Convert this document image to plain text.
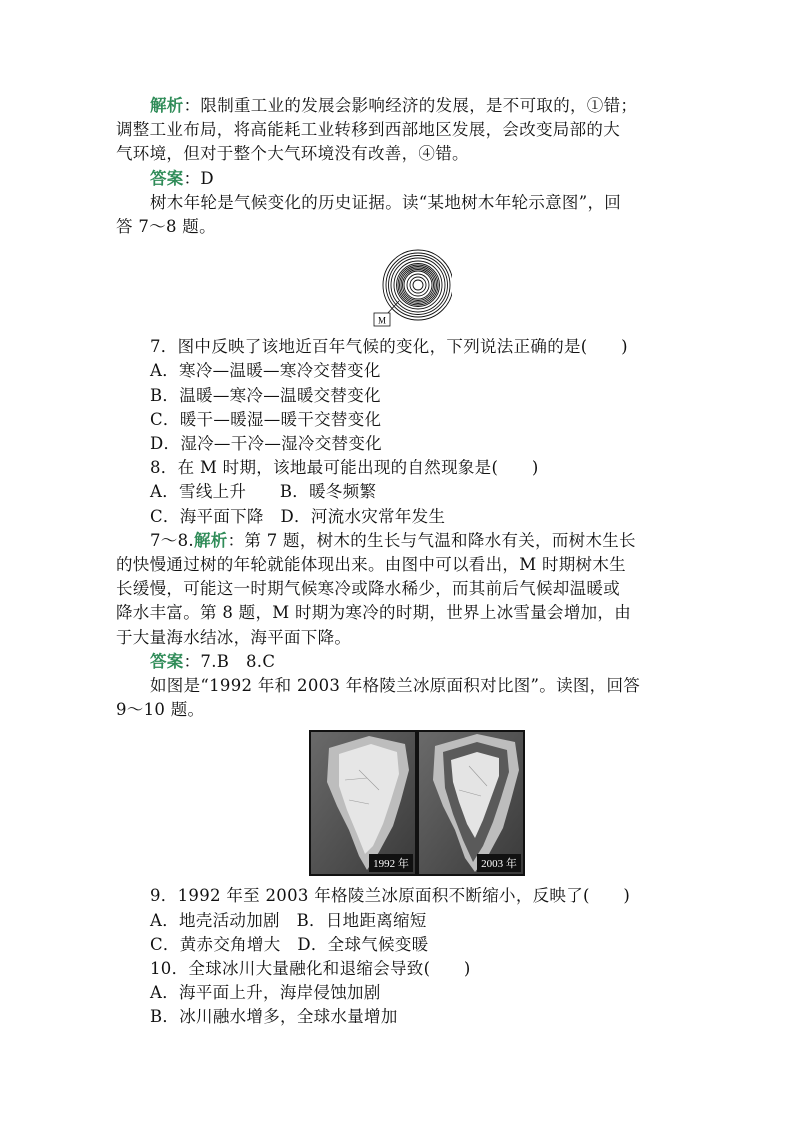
解析：限制重工业的发展会影响经济的发展，是不可取的，①错；

调整工业布局，将高能耗工业转移到西部地区发展，会改变局部的大

气环境，但对于整个大气环境没有改善，④错。

答案：D

树木年轮是气候变化的历史证据。读“某地树木年轮示意图”，回

答 7～8 题。

M

7．图中反映了该地近百年气候的变化，下列说法正确的是(　　)

A．寒冷—温暖—寒冷交替变化

B．温暖—寒冷—温暖交替变化

C．暖干—暖湿—暖干交替变化

D．湿冷—干冷—湿冷交替变化

8．在 M 时期，该地最可能出现的自然现象是(　　)

A．雪线上升　　B．暖冬频繁

C．海平面下降　D．河流水灾常年发生

7～8.解析：第 7 题，树木的生长与气温和降水有关，而树木生长

的快慢通过树的年轮就能体现出来。由图中可以看出，M 时期树木生

长缓慢，可能这一时期气候寒冷或降水稀少，而其前后气候却温暖或

降水丰富。第 8 题，M 时期为寒冷的时期，世界上冰雪量会增加，由

于大量海水结冰，海平面下降。

答案：7.B　8.C

如图是“1992 年和 2003 年格陵兰冰原面积对比图”。读图，回答

9～10 题。

1992 年	2003 年

9．1992 年至 2003 年格陵兰冰原面积不断缩小，反映了(　　)

A．地壳活动加剧　B．日地距离缩短

C．黄赤交角增大　D．全球气候变暖

10．全球冰川大量融化和退缩会导致(　　)

A．海平面上升，海岸侵蚀加剧

B．冰川融水增多，全球水量增加
